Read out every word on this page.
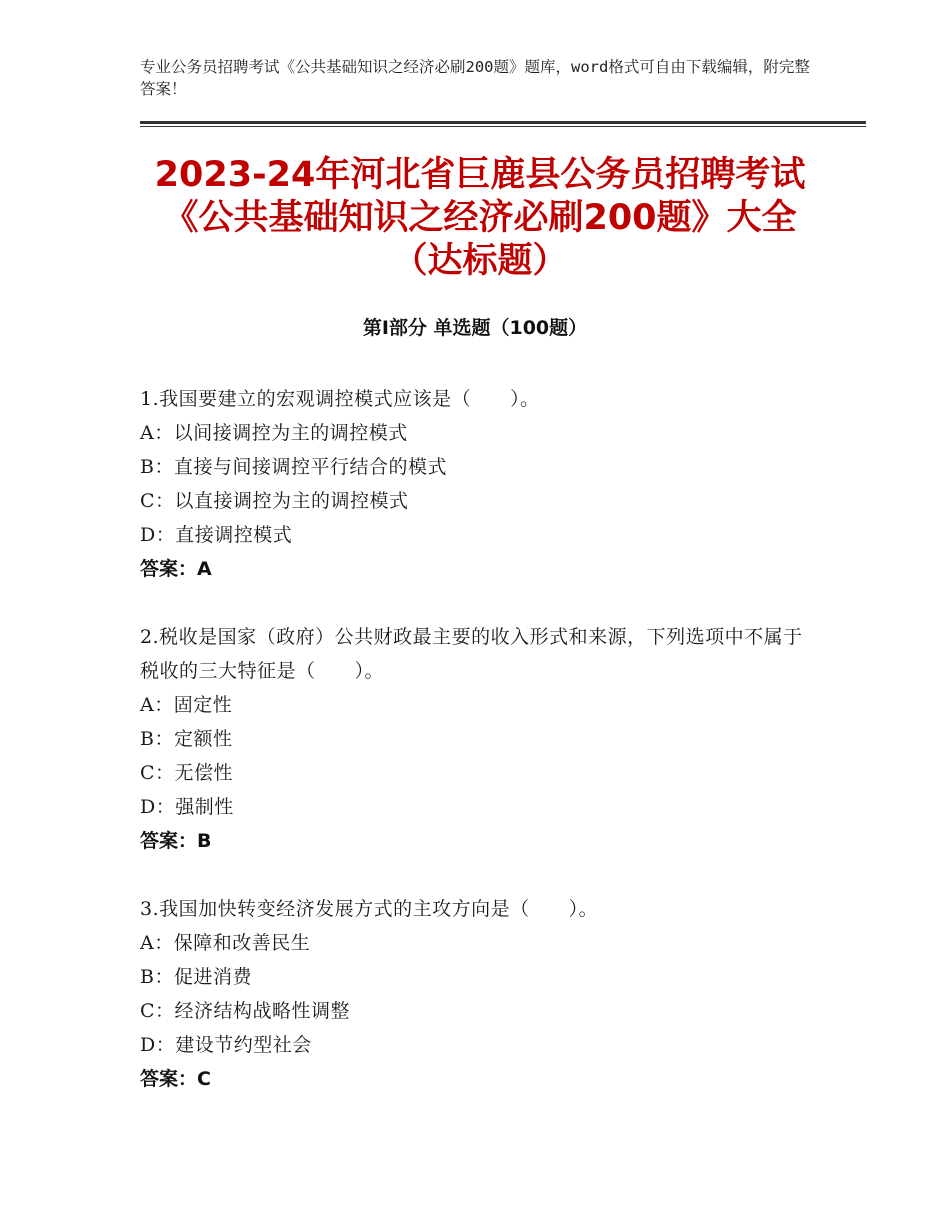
专业公务员招聘考试《公共基础知识之经济必刷200题》题库，word格式可自由下载编辑，附完整答案！
2023-24年河北省巨鹿县公务员招聘考试
《公共基础知识之经济必刷200题》大全
（达标题）
第Ⅰ部分 单选题（100题）
1.我国要建立的宏观调控模式应该是（　　）。
A：以间接调控为主的调控模式
B：直接与间接调控平行结合的模式
C：以直接调控为主的调控模式
D：直接调控模式
答案：A
2.税收是国家（政府）公共财政最主要的收入形式和来源，下列选项中不属于税收的三大特征是（　　）。
A：固定性
B：定额性
C：无偿性
D：强制性
答案：B
3.我国加快转变经济发展方式的主攻方向是（　　）。
A：保障和改善民生
B：促进消费
C：经济结构战略性调整
D：建设节约型社会
答案：C
